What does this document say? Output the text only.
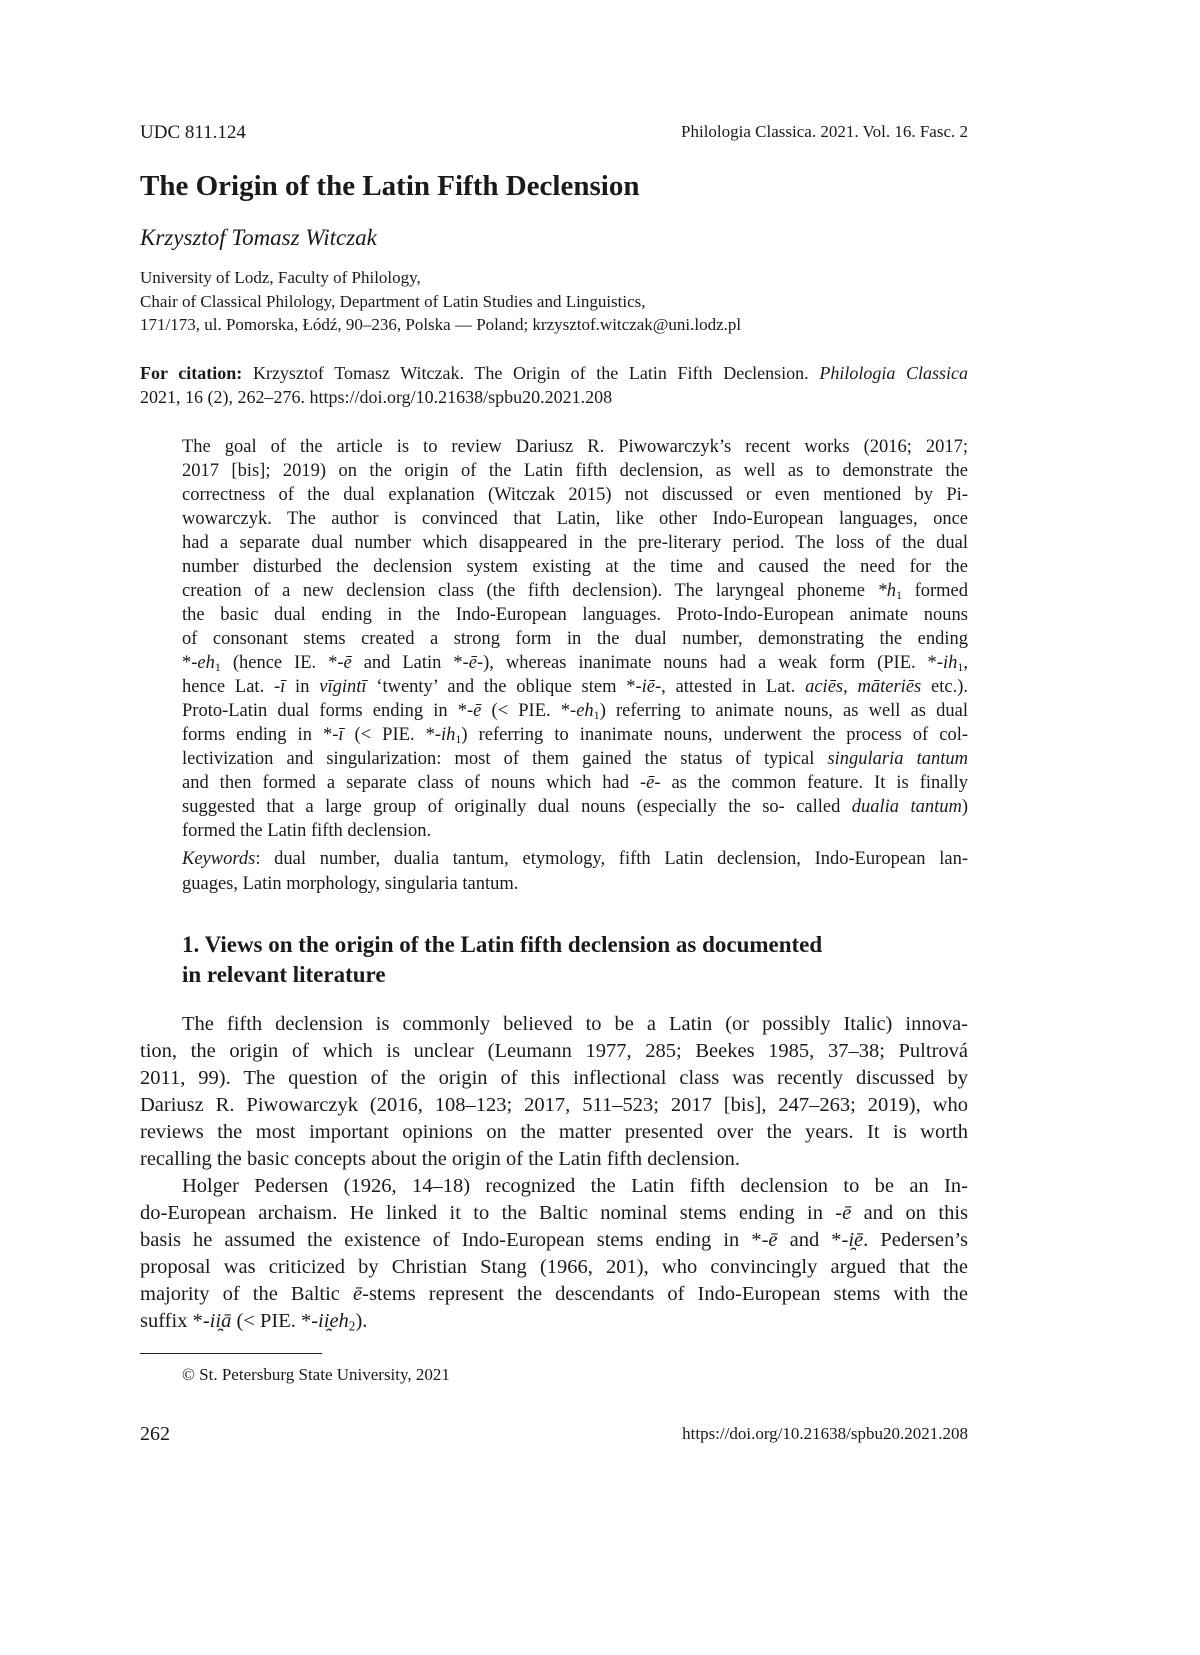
UDC 811.124	Philologia Classica. 2021. Vol. 16. Fasc. 2
The Origin of the Latin Fifth Declension
Krzysztof Tomasz Witczak
University of Lodz, Faculty of Philology,
Chair of Classical Philology, Department of Latin Studies and Linguistics,
171/173, ul. Pomorska, Łódź, 90–236, Polska — Poland; krzysztof.witczak@uni.lodz.pl
For citation: Krzysztof Tomasz Witczak. The Origin of the Latin Fifth Declension. Philologia Classica
2021, 16 (2), 262–276. https://doi.org/10.21638/spbu20.2021.208
The goal of the article is to review Dariusz R. Piwowarczyk’s recent works (2016; 2017;
2017 [bis]; 2019) on the origin of the Latin fifth declension, as well as to demonstrate the
correctness of the dual explanation (Witczak 2015) not discussed or even mentioned by Pi-
wowarczyk. The author is convinced that Latin, like other Indo-European languages, once
had a separate dual number which disappeared in the pre-literary period. The loss of the dual
number disturbed the declension system existing at the time and caused the need for the
creation of a new declension class (the fifth declension). The laryngeal phoneme $*h_1$ formed
the basic dual ending in the Indo-European languages. Proto-Indo-European animate nouns
of consonant stems created a strong form in the dual number, demonstrating the ending
$*-eh_1$ (hence IE. *-ē and Latin *-ē-), whereas inanimate nouns had a weak form (PIE. $*-ih_1$,
hence Lat. -ī in vīgintī ‘twenty’ and the oblique stem *-iē-, attested in Lat. aciēs, māteriēs etc.).
Proto-Latin dual forms ending in *-ē (< PIE. $*-eh_1$) referring to animate nouns, as well as dual
forms ending in *-ī (< PIE. $*-ih_1$) referring to inanimate nouns, underwent the process of col-
lectivization and singularization: most of them gained the status of typical singularia tantum
and then formed a separate class of nouns which had -ē- as the common feature. It is finally
suggested that a large group of originally dual nouns (especially the so- called dualia tantum)
formed the Latin fifth declension.
Keywords: dual number, dualia tantum, etymology, fifth Latin declension, Indo-European lan-
guages, Latin morphology, singularia tantum.
1. Views on the origin of the Latin fifth declension as documented
in relevant literature
The fifth declension is commonly believed to be a Latin (or possibly Italic) innova-
tion, the origin of which is unclear (Leumann 1977, 285; Beekes 1985, 37–38; Pultrová
2011, 99). The question of the origin of this inflectional class was recently discussed by
Dariusz R. Piwowarczyk (2016, 108–123; 2017, 511–523; 2017 [bis], 247–263; 2019), who
reviews the most important opinions on the matter presented over the years. It is worth
recalling the basic concepts about the origin of the Latin fifth declension.
Holger Pedersen (1926, 14–18) recognized the Latin fifth declension to be an In-
do-European archaism. He linked it to the Baltic nominal stems ending in -ē and on this
basis he assumed the existence of Indo-European stems ending in *-ē and *-i̯ē. Pedersen’s
proposal was criticized by Christian Stang (1966, 201), who convincingly argued that the
majority of the Baltic ē-stems represent the descendants of Indo-European stems with the
suffix *-ii̯ā (< PIE. $*-ii̯eh_2$).
© St. Petersburg State University, 2021
262	https://doi.org/10.21638/spbu20.2021.208
